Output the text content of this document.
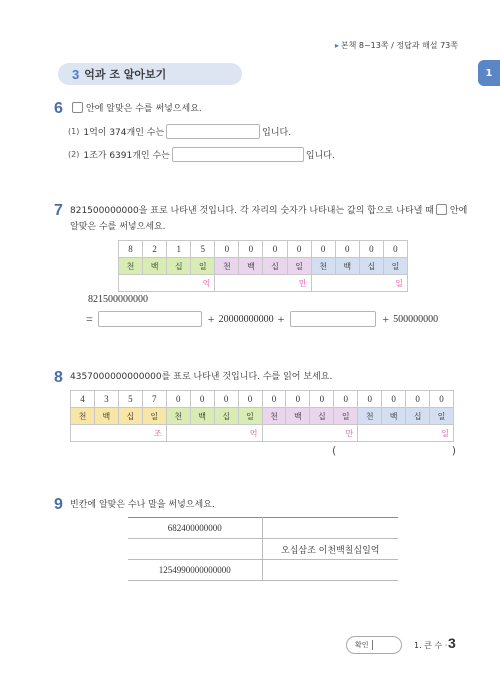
▸ 본책 8~13쪽 / 정답과 해설 73쪽
1
3 억과 조 알아보기
6	안에 알맞은 수를 써넣으세요.
(1) 1억이 374개인 수는	입니다.
(2) 1조가 6391개인 수는	입니다.
7 821500000000을 표로 나타낸 것입니다. 각 자리의 숫자가 나타내는 값의 합으로 나타낼 때 안에
알맞은 수를 써넣으세요.
8	2	1	5	0	0	0	0	0	0	0	0
천	백	십	일	천	백	십	일	천	백	십	일
억				만				일			
821500000000
=	+ 20000000000 +	+ 500000000
8 4357000000000000를 표로 나타낸 것입니다. 수를 읽어 보세요.
4	3	5	7	0	0	0	0	0	0	0	0	0	0	0	0
천	백	십	일	천	백	십	일	천	백	십	일	천	백	십	일
조				억				만				일			
(	)
9 빈칸에 알맞은 수나 말을 써넣으세요.
682400000000	
	오십삼조 이천백칠십일억
1254990000000000	
확인	1. 큰 수 · 3
